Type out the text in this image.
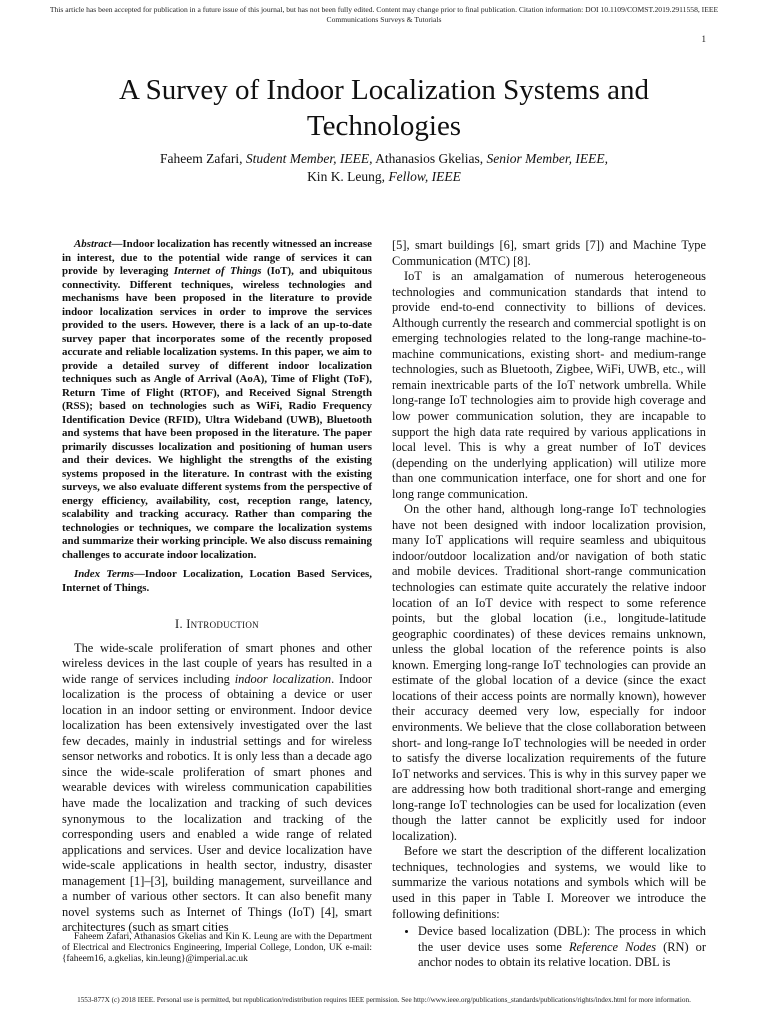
This article has been accepted for publication in a future issue of this journal, but has not been fully edited. Content may change prior to final publication. Citation information: DOI 10.1109/COMST.2019.2911558, IEEE
Communications Surveys & Tutorials
1
A Survey of Indoor Localization Systems and Technologies
Faheem Zafari, Student Member, IEEE, Athanasios Gkelias, Senior Member, IEEE,
Kin K. Leung, Fellow, IEEE

Abstract—Indoor localization has recently witnessed an increase in interest, due to the potential wide range of services it can provide by leveraging Internet of Things (IoT), and ubiquitous connectivity. Different techniques, wireless technologies and mechanisms have been proposed in the literature to provide indoor localization services in order to improve the services provided to the users. However, there is a lack of an up-to-date survey paper that incorporates some of the recently proposed accurate and reliable localization systems. In this paper, we aim to provide a detailed survey of different indoor localization techniques such as Angle of Arrival (AoA), Time of Flight (ToF), Return Time of Flight (RTOF), and Received Signal Strength (RSS); based on technologies such as WiFi, Radio Frequency Identification Device (RFID), Ultra Wideband (UWB), Bluetooth and systems that have been proposed in the literature. The paper primarily discusses localization and positioning of human users and their devices. We highlight the strengths of the existing systems proposed in the literature. In contrast with the existing surveys, we also evaluate different systems from the perspective of energy efficiency, availability, cost, reception range, latency, scalability and tracking accuracy. Rather than comparing the technologies or techniques, we compare the localization systems and summarize their working principle. We also discuss remaining challenges to accurate indoor localization.

Index Terms—Indoor Localization, Location Based Services, Internet of Things.

I. Introduction

The wide-scale proliferation of smart phones and other wireless devices in the last couple of years has resulted in a wide range of services including indoor localization. Indoor localization is the process of obtaining a device or user location in an indoor setting or environment. Indoor device localization has been extensively investigated over the last few decades, mainly in industrial settings and for wireless sensor networks and robotics. It is only less than a decade ago since the wide-scale proliferation of smart phones and wearable devices with wireless communication capabilities have made the localization and tracking of such devices synonymous to the localization and tracking of the corresponding users and enabled a wide range of related applications and services. User and device localization have wide-scale applications in health sector, industry, disaster management [1]–[3], building management, surveillance and a number of various other sectors. It can also benefit many novel systems such as Internet of Things (IoT) [4], smart architectures (such as smart cities

Faheem Zafari, Athanasios Gkelias and Kin K. Leung are with the Department of Electrical and Electronics Engineering, Imperial College, London, UK e-mail: {faheem16, a.gkelias, kin.leung}@imperial.ac.uk

[5], smart buildings [6], smart grids [7]) and Machine Type Communication (MTC) [8].

IoT is an amalgamation of numerous heterogeneous technologies and communication standards that intend to provide end-to-end connectivity to billions of devices. Although currently the research and commercial spotlight is on emerging technologies related to the long-range machine-to-machine communications, existing short- and medium-range technologies, such as Bluetooth, Zigbee, WiFi, UWB, etc., will remain inextricable parts of the IoT network umbrella. While long-range IoT technologies aim to provide high coverage and low power communication solution, they are incapable to support the high data rate required by various applications in local level. This is why a great number of IoT devices (depending on the underlying application) will utilize more than one communication interface, one for short and one for long range communication.

On the other hand, although long-range IoT technologies have not been designed with indoor localization provision, many IoT applications will require seamless and ubiquitous indoor/outdoor localization and/or navigation of both static and mobile devices. Traditional short-range communication technologies can estimate quite accurately the relative indoor location of an IoT device with respect to some reference points, but the global location (i.e., longitude-latitude geographic coordinates) of these devices remains unknown, unless the global location of the reference points is also known. Emerging long-range IoT technologies can provide an estimate of the global location of a device (since the exact locations of their access points are normally known), however their accuracy deemed very low, especially for indoor environments. We believe that the close collaboration between short- and long-range IoT technologies will be needed in order to satisfy the diverse localization requirements of the future IoT networks and services. This is why in this survey paper we are addressing how both traditional short-range and emerging long-range IoT technologies can be used for localization (even though the latter cannot be explicitly used for indoor localization).

Before we start the description of the different localization techniques, technologies and systems, we would like to summarize the various notations and symbols which will be used in this paper in Table I. Moreover we introduce the following definitions:

• Device based localization (DBL): The process in which the user device uses some Reference Nodes (RN) or anchor nodes to obtain its relative location. DBL is
1553-877X (c) 2018 IEEE. Personal use is permitted, but republication/redistribution requires IEEE permission. See http://www.ieee.org/publications_standards/publications/rights/index.html for more information.
